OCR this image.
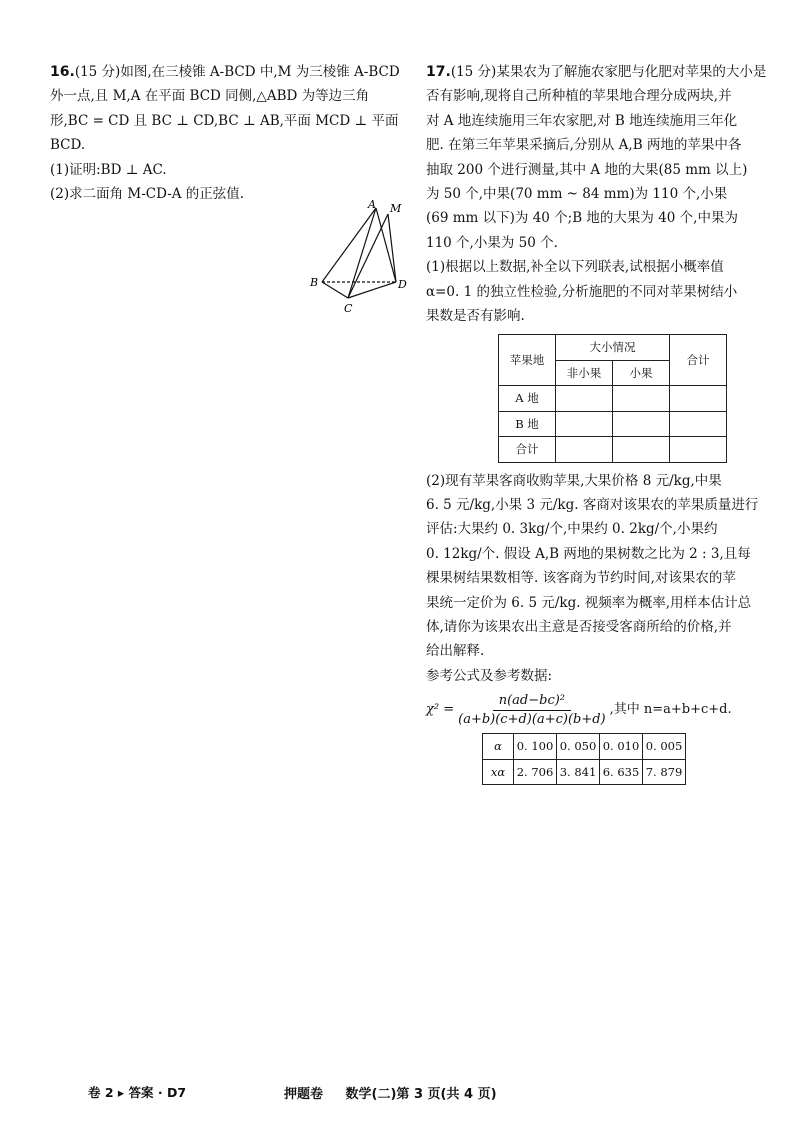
16.(15 分)如图,在三棱锥 A-BCD 中,M 为三棱锥 A-BCD

外一点,且 M,A 在平面 BCD 同侧,△ABD 为等边三角

形,BC = CD 且 BC ⊥ CD,BC ⊥ AB,平面 MCD ⊥ 平面

BCD.

(1)证明:BD ⊥ AC.

(2)求二面角 M-CD-A 的正弦值.

A M
B
C
D

17.(15 分)某果农为了解施农家肥与化肥对苹果的大小是

否有影响,现将自己所种植的苹果地合理分成两块,并

对 A 地连续施用三年农家肥,对 B 地连续施用三年化

肥. 在第三年苹果采摘后,分别从 A,B 两地的苹果中各

抽取 200 个进行测量,其中 A 地的大果(85 mm 以上)

为 50 个,中果(70 mm ~ 84 mm)为 110 个,小果

(69 mm 以下)为 40 个;B 地的大果为 40 个,中果为

110 个,小果为 50 个.

(1)根据以上数据,补全以下列联表,试根据小概率值

α=0. 1 的独立性检验,分析施肥的不同对苹果树结小

果数是否有影响.

苹果地	大小情况		合计
	非小果	小果	
A 地			
B 地			
合计			

(2)现有苹果客商收购苹果,大果价格 8 元/kg,中果

6. 5 元/kg,小果 3 元/kg. 客商对该果农的苹果质量进行

评估:大果约 0. 3kg/个,中果约 0. 2kg/个,小果约

0. 12kg/个. 假设 A,B 两地的果树数之比为 2 : 3,且每

棵果树结果数相等. 该客商为节约时间,对该果农的苹

果统一定价为 6. 5 元/kg. 视频率为概率,用样本估计总

体,请你为该果农出主意是否接受客商所给的价格,并

给出解释.

参考公式及参考数据:

$\chi^2 = \frac{\text{n(ad−bc)²}}{(a+b)(c+d)(a+c)(b+d)}$ ,其中 n=a+b+c+d.
α	0. 100	0. 050	0. 010	0. 005
xα	2. 706	3. 841	6. 635	7. 879
卷 2 ▸ 答案 · D7	押题卷 数学(二)第 3 页(共 4 页)
